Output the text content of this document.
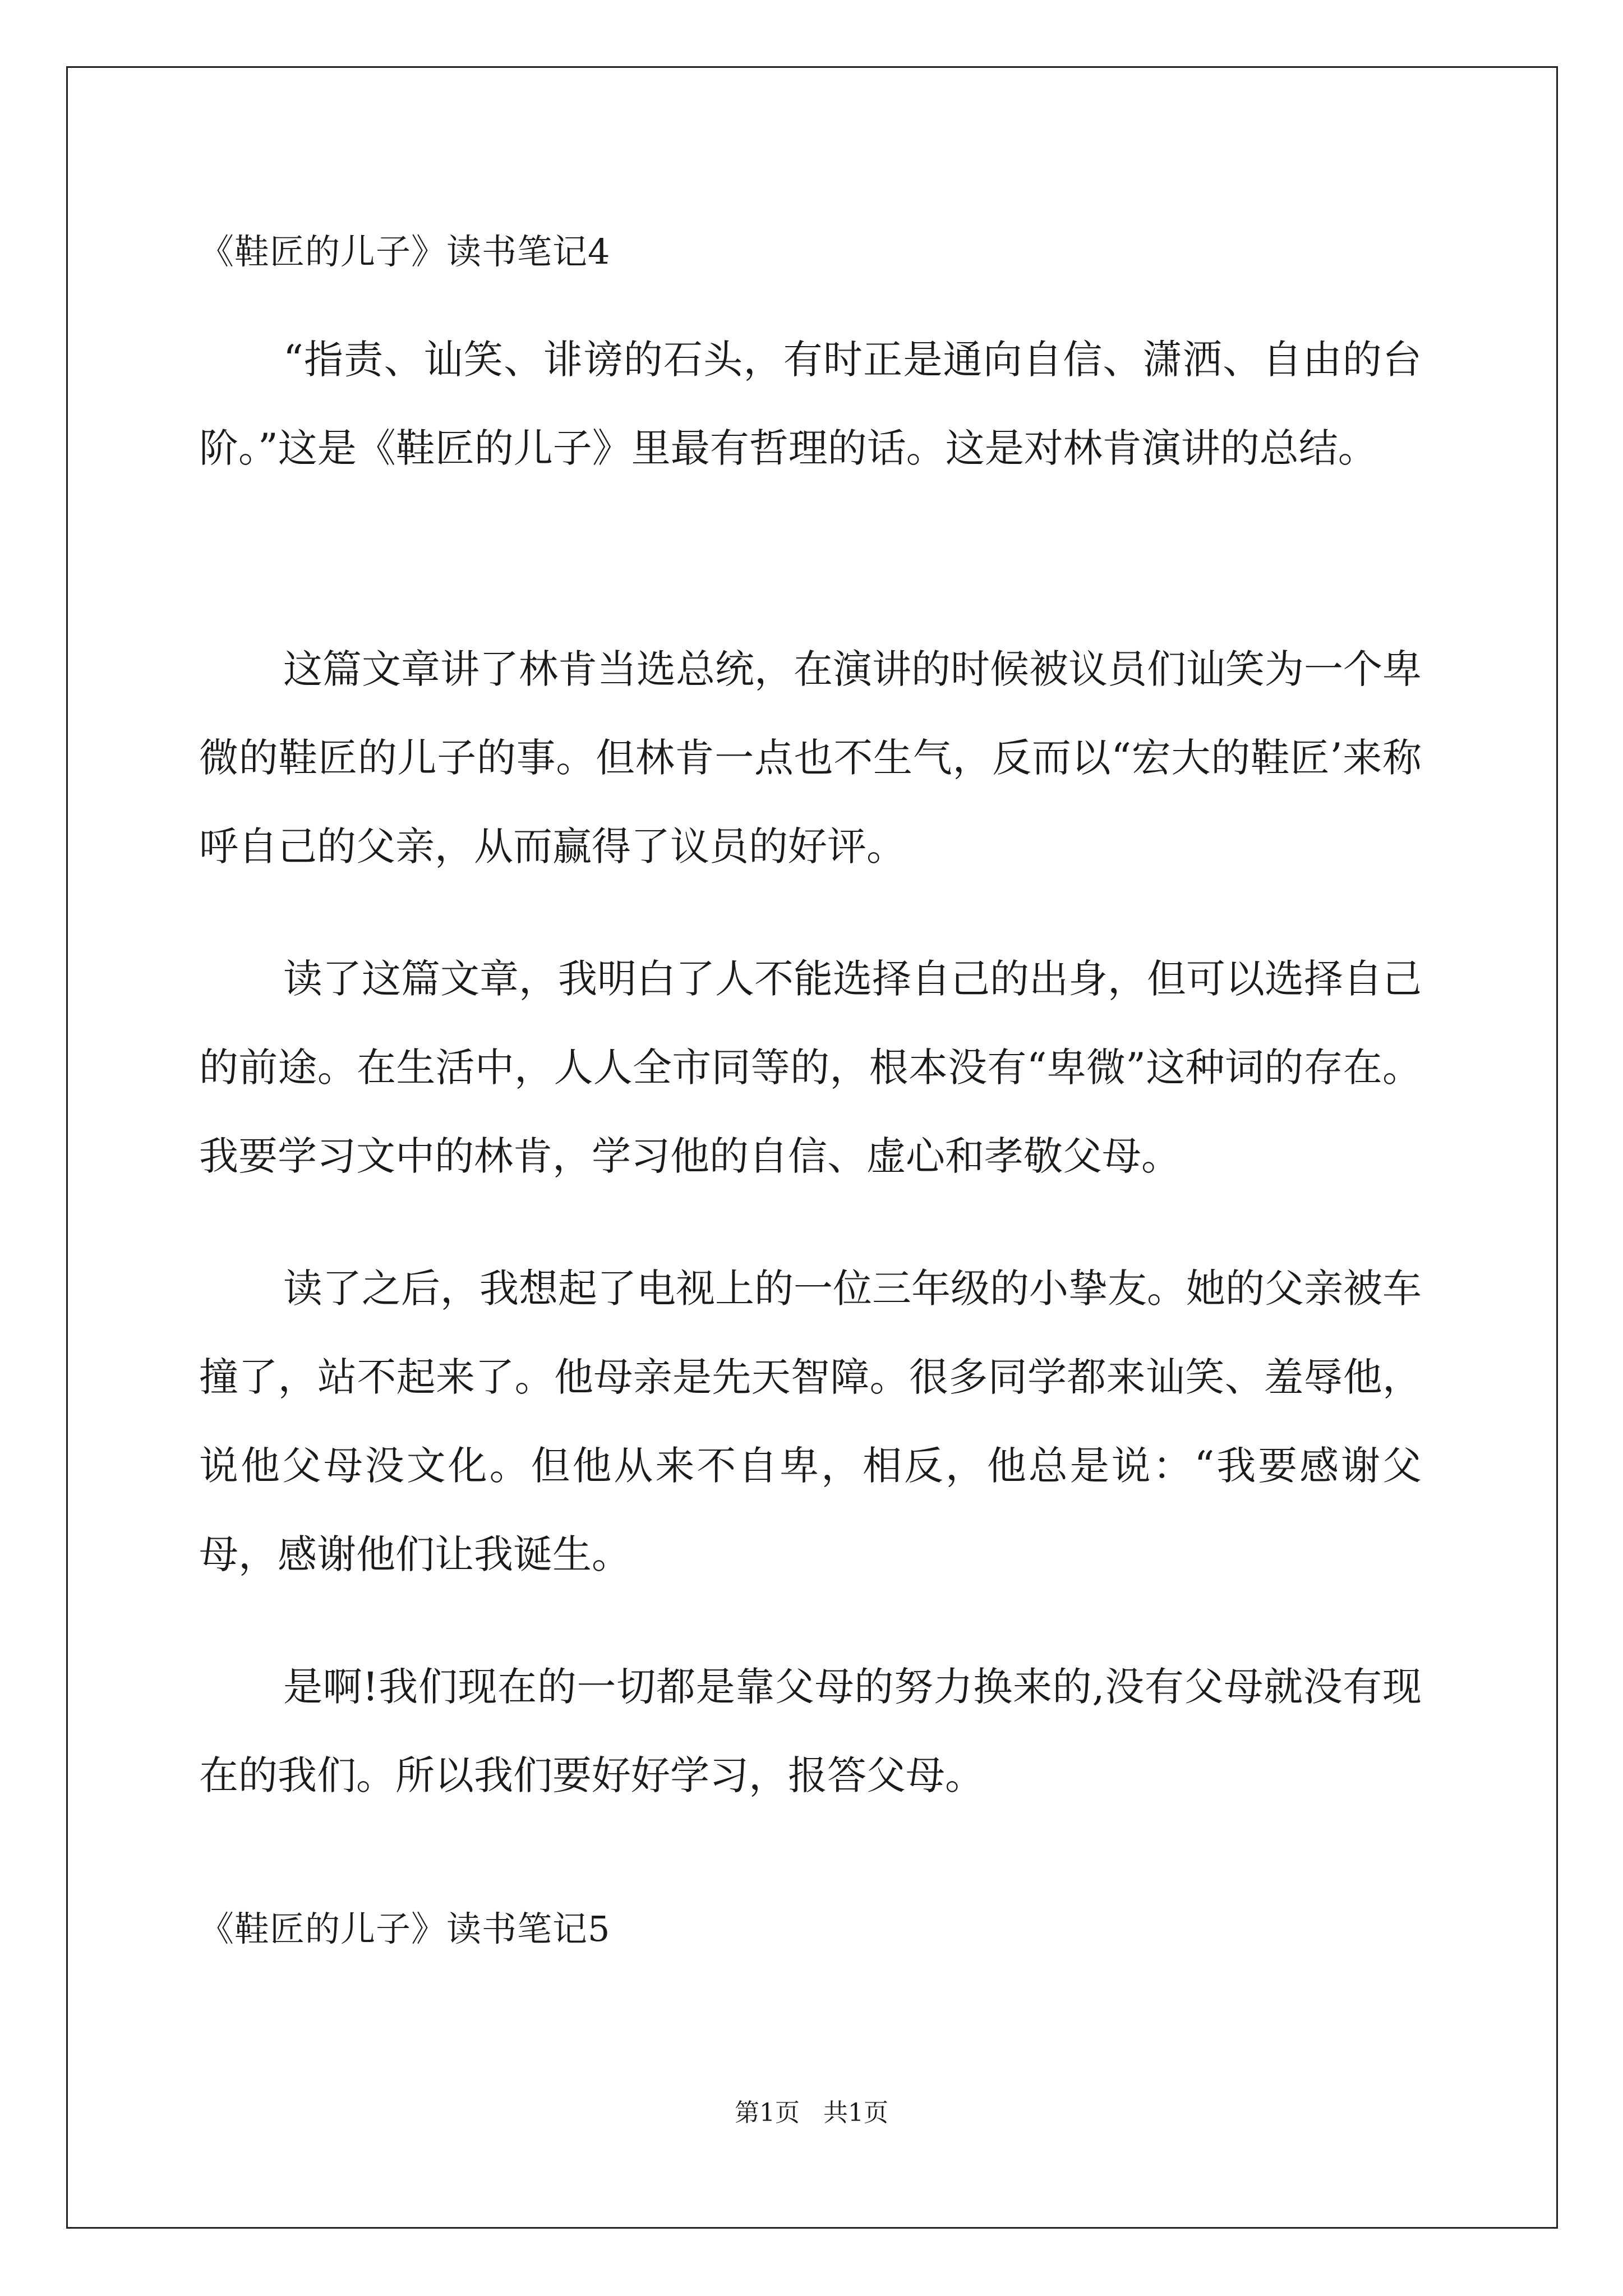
《鞋匠的儿子》读书笔记4

“指责、讪笑、诽谤的石头，有时正是通向自信、潇洒、自由的台阶。”这是《鞋匠的儿子》里最有哲理的话。这是对林肯演讲的总结。

这篇文章讲了林肯当选总统，在演讲的时候被议员们讪笑为一个卑微的鞋匠的儿子的事。但林肯一点也不生气，反而以“宏大的鞋匠’来称呼自己的父亲，从而赢得了议员的好评。

读了这篇文章，我明白了人不能选择自己的出身，但可以选择自己的前途。在生活中，人人全市同等的，根本没有“卑微”这种词的存在。我要学习文中的林肯，学习他的自信、虚心和孝敬父母。

读了之后，我想起了电视上的一位三年级的小挚友。她的父亲被车撞了，站不起来了。他母亲是先天智障。很多同学都来讪笑、羞辱他，说他父母没文化。但他从来不自卑，相反，他总是说：“我要感谢父母，感谢他们让我诞生。

是啊!我们现在的一切都是靠父母的努力换来的,没有父母就没有现在的我们。所以我们要好好学习，报答父母。

《鞋匠的儿子》读书笔记5
第1页 共1页
